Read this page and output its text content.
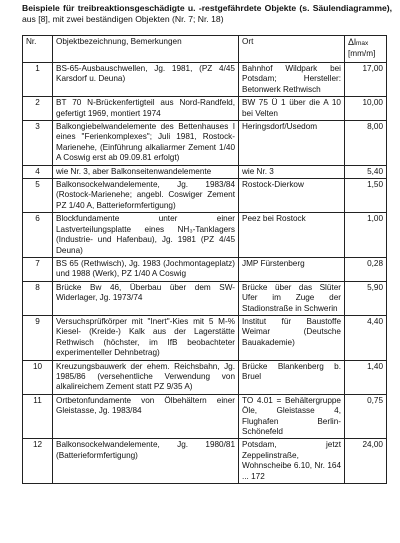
Beispiele für treibreaktionsgeschädigte u. -restgefährdete Objekte (s. Säulendiagramme), aus [8], mit zwei beständigen Objekten (Nr. 7; Nr. 18)
Nr.	Objektbezeichnung, Bemerkungen	Ort	Δlmax
[mm/m]
1	BS-65-Ausbauschwellen, Jg. 1981, (PZ 4/45 Karsdorf u. Deuna)	Bahnhof Wildpark bei Potsdam; Hersteller: Betonwerk Rethwisch	17,00
2	BT 70 N-Brückenfertigteil aus Nord-Randfeld, gefertigt 1969, montiert 1974	BW 75 Ü 1 über die A 10 bei Velten	10,00
3	Balkongiebelwandelemente des Bettenhauses I eines "Ferienkomplexes"; Juli 1981, Rostock-Marienehe, (Einführung alkaliarmer Zement 1/40 A Coswig erst ab 09.09.81 erfolgt)	Heringsdorf/Usedom	8,00
4	wie Nr. 3, aber Balkonseitenwandelemente	wie Nr. 3	5,40
5	Balkonsockelwandelemente, Jg. 1983/84 (Rostock-Marienehe; angebl. Coswiger Zement PZ 1/40 A, Batterieformfertigung)	Rostock-Dierkow	1,50
6	Blockfundamente unter einer Lastverteilungsplatte eines NH₃-Tanklagers (Industrie- und Hafenbau), Jg. 1981 (PZ 4/45 Deuna)	Peez bei Rostock	1,00
7	BS 65 (Rethwisch), Jg. 1983 (Jochmontageplatz) und 1988 (Werk), PZ 1/40 A Coswig	JMP Fürstenberg	0,28
8	Brücke Bw 46, Überbau über dem SW-Widerlager, Jg. 1973/74	Brücke über das Slüter Ufer im Zuge der Stadionstraße in Schwerin	5,90
9	Versuchsprüfkörper mit "Inert"-Kies mit 5 M-% Kiesel- (Kreide-) Kalk aus der Lagerstätte Rethwisch (höchster, im IfB beobachteter experimenteller Dehnbetrag)	Institut für Baustoffe Weimar (Deutsche Bauakademie)	4,40
10	Kreuzungsbauwerk der ehem. Reichsbahn, Jg. 1985/86 (versehentliche Verwendung von alkalireichem Zement statt PZ 9/35 A)	Brücke Blankenberg b. Bruel	1,40
11	Ortbetonfundamente von Ölbehältern einer Gleistasse, Jg. 1983/84	TO 4.01 = Behältergruppe Öle, Gleistasse 4, Flughafen Berlin-Schönefeld	0,75
12	Balkonsockelwandelemente, Jg. 1980/81 (Batterieformfertigung)	Potsdam, jetzt Zeppelinstraße, Wohnscheibe 6.10, Nr. 164 ... 172	24,00
